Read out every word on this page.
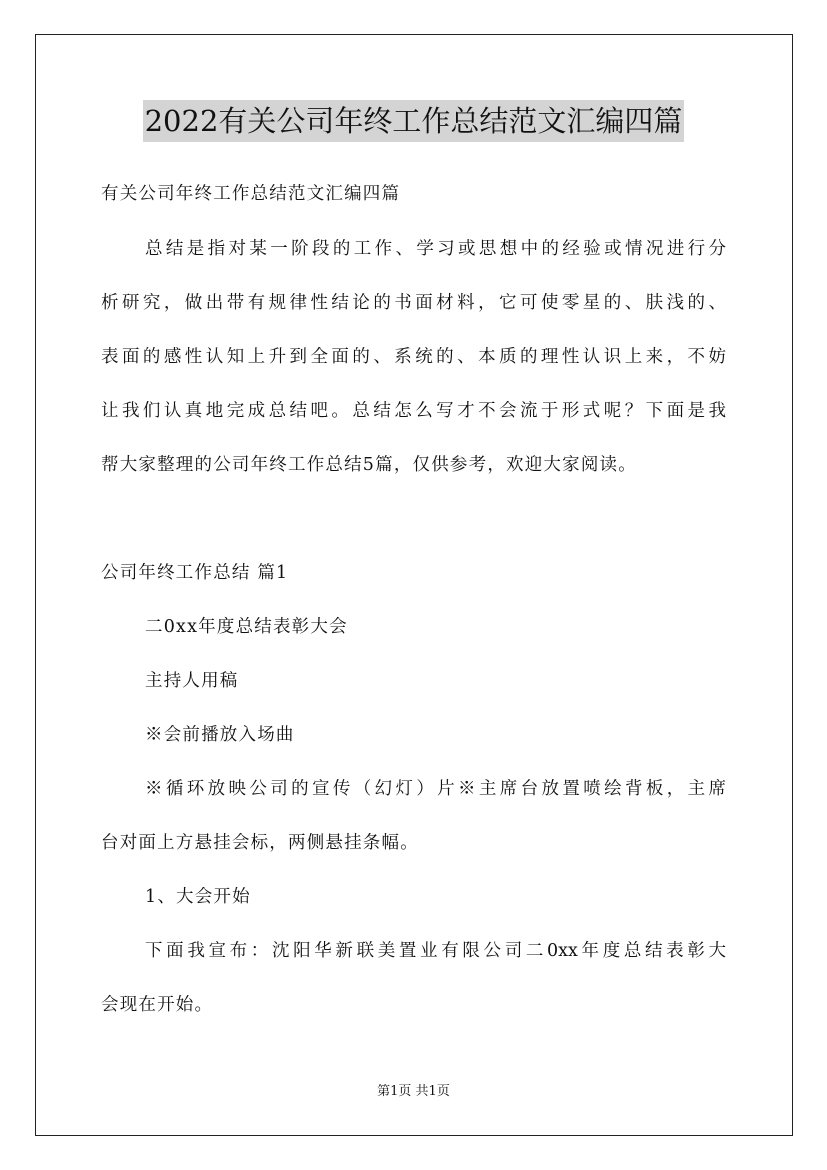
2022有关公司年终工作总结范文汇编四篇
有关公司年终工作总结范文汇编四篇
总结是指对某一阶段的工作、学习或思想中的经验或情况进行分
析研究，做出带有规律性结论的书面材料，它可使零星的、肤浅的、
表面的感性认知上升到全面的、系统的、本质的理性认识上来，不妨
让我们认真地完成总结吧。总结怎么写才不会流于形式呢？下面是我
帮大家整理的公司年终工作总结5篇，仅供参考，欢迎大家阅读。
公司年终工作总结 篇1
二0xx年度总结表彰大会
主持人用稿
※会前播放入场曲
※循环放映公司的宣传（幻灯）片※主席台放置喷绘背板，主席
台对面上方悬挂会标，两侧悬挂条幅。
1、大会开始
下面我宣布：沈阳华新联美置业有限公司二0xx年度总结表彰大
会现在开始。
第1页 共1页
